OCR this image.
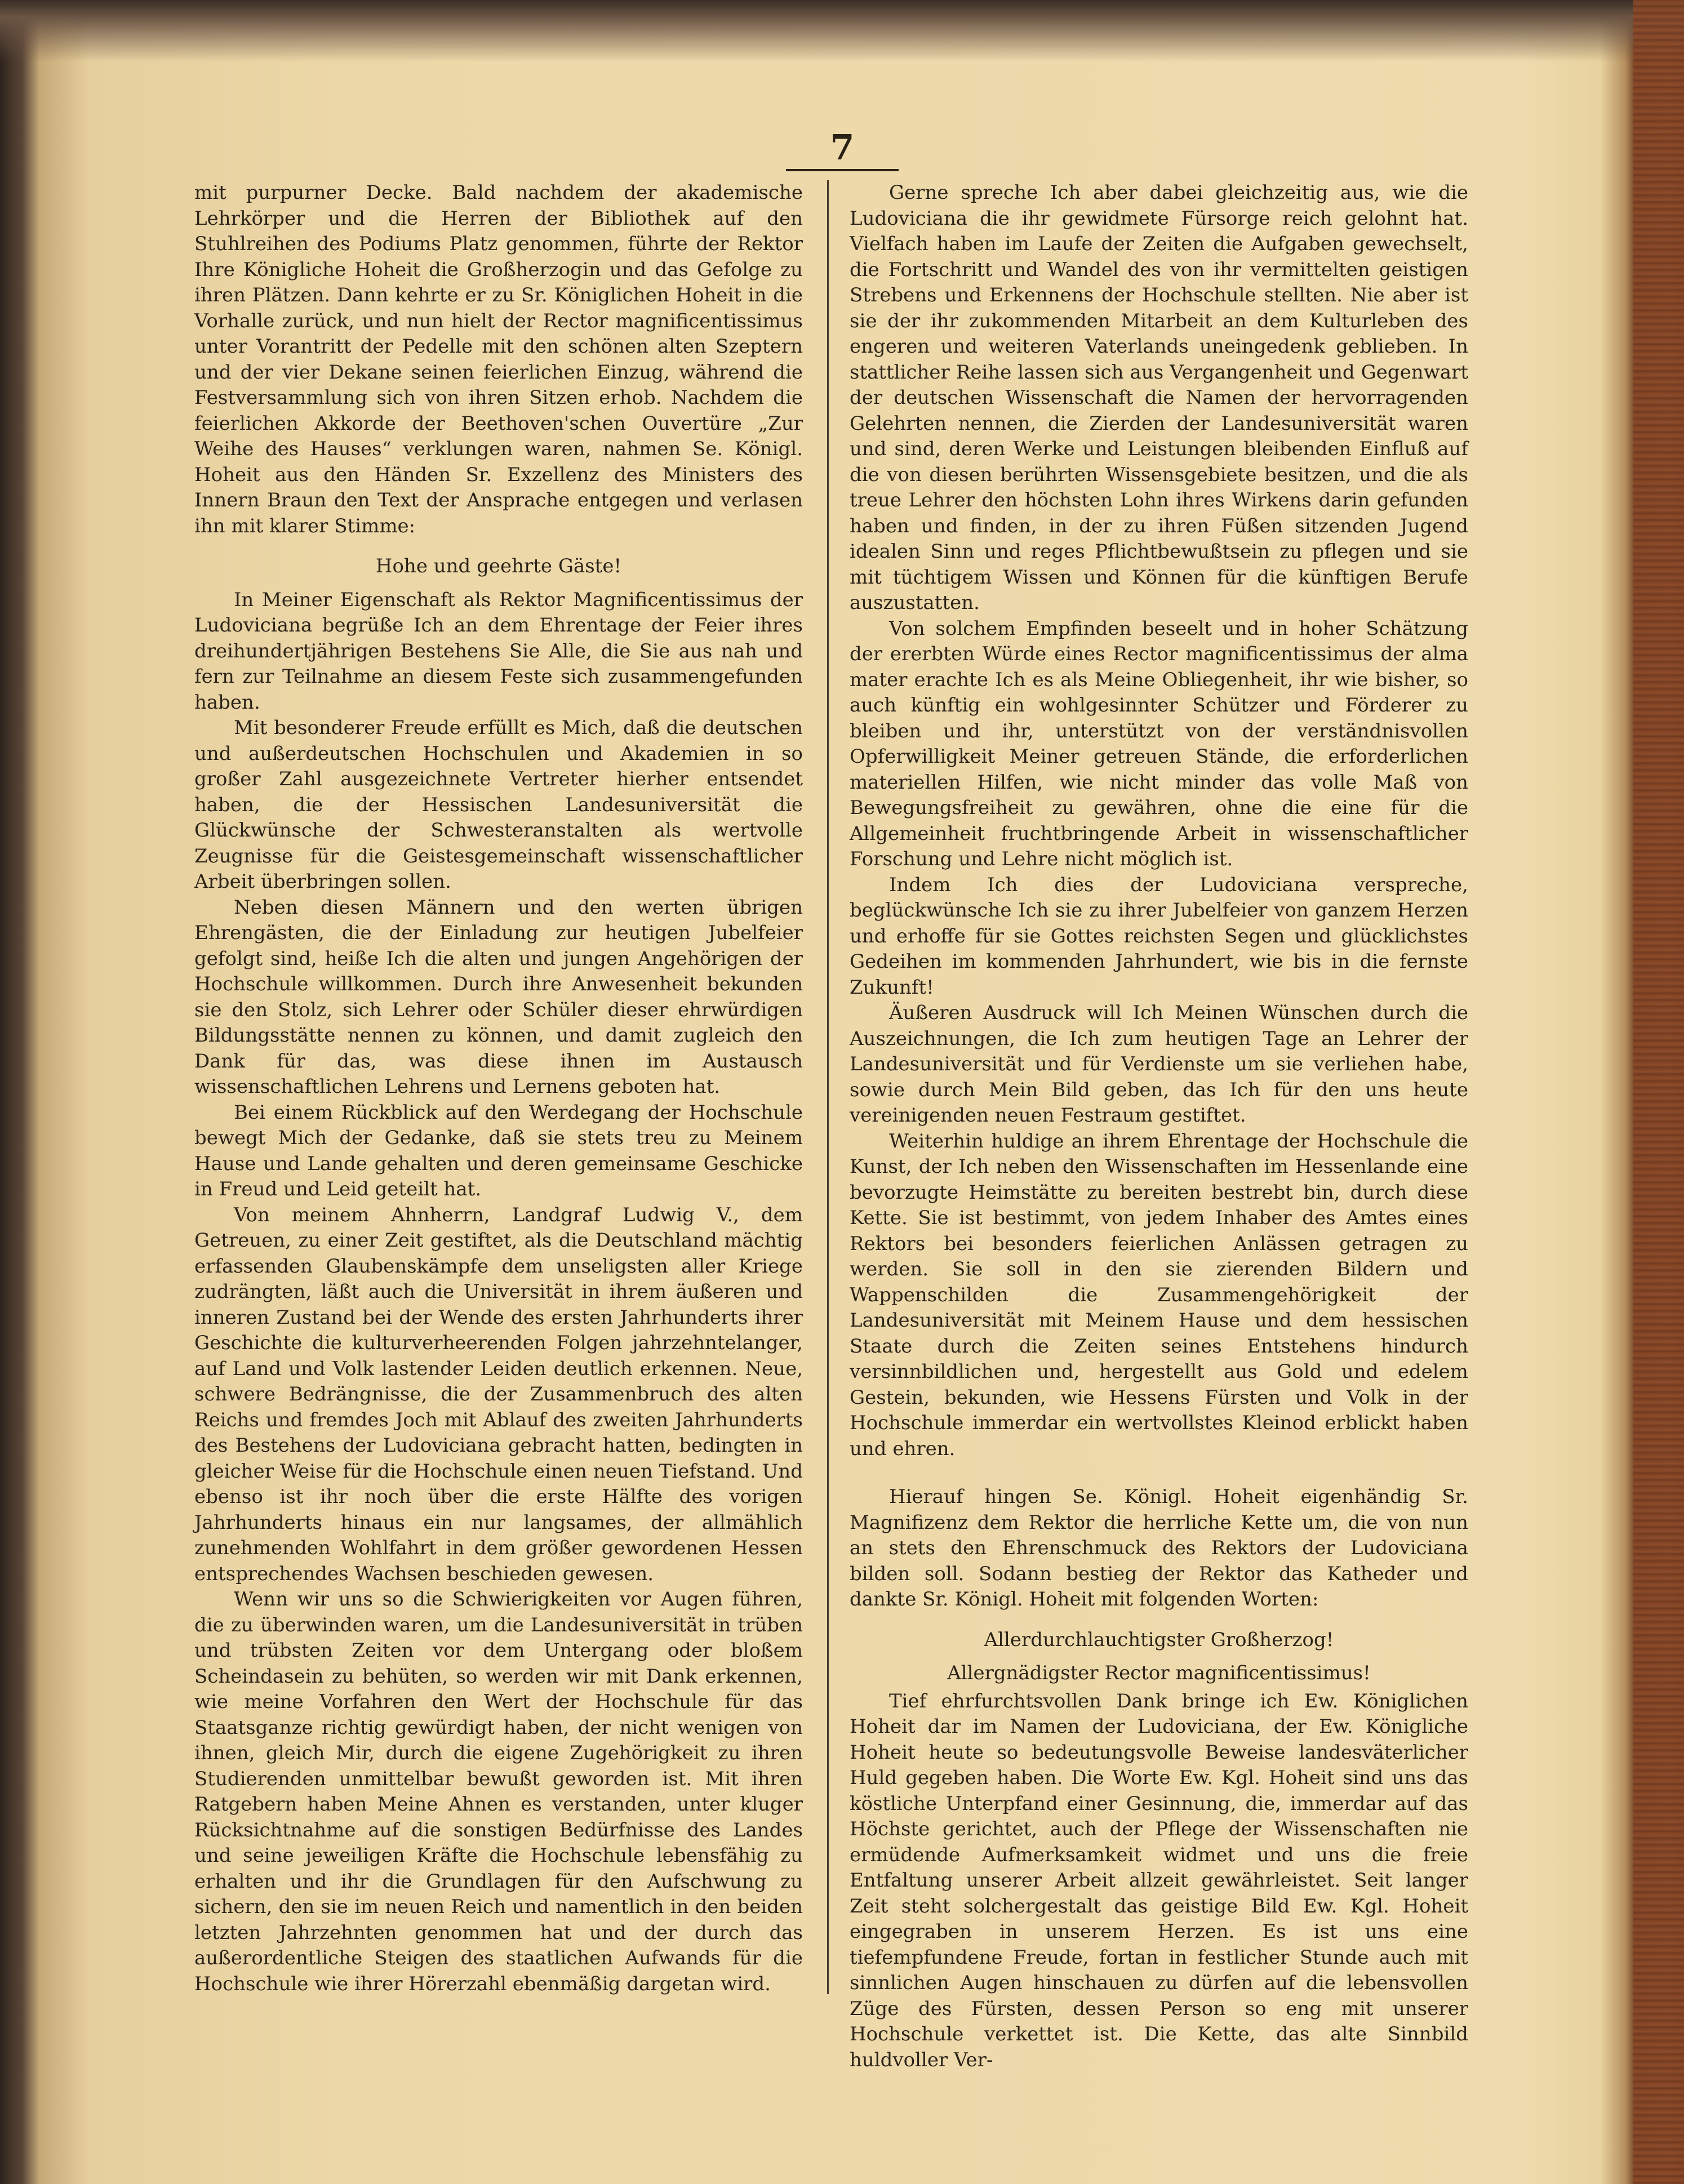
7

mit purpurner Decke. Bald nachdem der akademische Lehrkörper und die Herren der Bibliothek auf den Stuhlreihen des Podiums Platz genommen, führte der Rektor Ihre Königliche Hoheit die Großherzogin und das Gefolge zu ihren Plätzen. Dann kehrte er zu Sr. Königlichen Hoheit in die Vorhalle zurück, und nun hielt der Rector magnificentissimus unter Vorantritt der Pedelle mit den schönen alten Szeptern und der vier Dekane seinen feierlichen Einzug, während die Festversammlung sich von ihren Sitzen erhob. Nachdem die feierlichen Akkorde der Beethoven'schen Ouvertüre „Zur Weihe des Hauses“ verklungen waren, nahmen Se. Königl. Hoheit aus den Händen Sr. Exzellenz des Ministers des Innern Braun den Text der Ansprache entgegen und verlasen ihn mit klarer Stimme:

Hohe und geehrte Gäste!

In Meiner Eigenschaft als Rektor Magnificentissimus der Ludoviciana begrüße Ich an dem Ehrentage der Feier ihres dreihundertjährigen Bestehens Sie Alle, die Sie aus nah und fern zur Teilnahme an diesem Feste sich zusammengefunden haben.

Mit besonderer Freude erfüllt es Mich, daß die deutschen und außerdeutschen Hochschulen und Akademien in so großer Zahl ausgezeichnete Vertreter hierher entsendet haben, die der Hessischen Landesuniversität die Glückwünsche der Schwesteranstalten als wertvolle Zeugnisse für die Geistesgemeinschaft wissenschaftlicher Arbeit überbringen sollen.

Neben diesen Männern und den werten übrigen Ehrengästen, die der Einladung zur heutigen Jubelfeier gefolgt sind, heiße Ich die alten und jungen Angehörigen der Hochschule willkommen. Durch ihre Anwesenheit bekunden sie den Stolz, sich Lehrer oder Schüler dieser ehrwürdigen Bildungsstätte nennen zu können, und damit zugleich den Dank für das, was diese ihnen im Austausch wissenschaftlichen Lehrens und Lernens geboten hat.

Bei einem Rückblick auf den Werdegang der Hochschule bewegt Mich der Gedanke, daß sie stets treu zu Meinem Hause und Lande gehalten und deren gemeinsame Geschicke in Freud und Leid geteilt hat.

Von meinem Ahnherrn, Landgraf Ludwig V., dem Getreuen, zu einer Zeit gestiftet, als die Deutschland mächtig erfassenden Glaubenskämpfe dem unseligsten aller Kriege zudrängten, läßt auch die Universität in ihrem äußeren und inneren Zustand bei der Wende des ersten Jahrhunderts ihrer Geschichte die kulturverheerenden Folgen jahrzehntelanger, auf Land und Volk lastender Leiden deutlich erkennen. Neue, schwere Bedrängnisse, die der Zusammenbruch des alten Reichs und fremdes Joch mit Ablauf des zweiten Jahrhunderts des Bestehens der Ludoviciana gebracht hatten, bedingten in gleicher Weise für die Hochschule einen neuen Tiefstand. Und ebenso ist ihr noch über die erste Hälfte des vorigen Jahrhunderts hinaus ein nur langsames, der allmählich zunehmenden Wohlfahrt in dem größer gewordenen Hessen entsprechendes Wachsen beschieden gewesen.

Wenn wir uns so die Schwierigkeiten vor Augen führen, die zu überwinden waren, um die Landesuniversität in trüben und trübsten Zeiten vor dem Untergang oder bloßem Scheindasein zu behüten, so werden wir mit Dank erkennen, wie meine Vorfahren den Wert der Hochschule für das Staatsganze richtig gewürdigt haben, der nicht wenigen von ihnen, gleich Mir, durch die eigene Zugehörigkeit zu ihren Studierenden unmittelbar bewußt geworden ist. Mit ihren Ratgebern haben Meine Ahnen es verstanden, unter kluger Rücksichtnahme auf die sonstigen Bedürfnisse des Landes und seine jeweiligen Kräfte die Hochschule lebensfähig zu erhalten und ihr die Grundlagen für den Aufschwung zu sichern, den sie im neuen Reich und namentlich in den beiden letzten Jahrzehnten genommen hat und der durch das außerordentliche Steigen des staatlichen Aufwands für die Hochschule wie ihrer Hörerzahl ebenmäßig dargetan wird.

Gerne spreche Ich aber dabei gleichzeitig aus, wie die Ludoviciana die ihr gewidmete Fürsorge reich gelohnt hat. Vielfach haben im Laufe der Zeiten die Aufgaben gewechselt, die Fortschritt und Wandel des von ihr vermittelten geistigen Strebens und Erkennens der Hochschule stellten. Nie aber ist sie der ihr zukommenden Mitarbeit an dem Kulturleben des engeren und weiteren Vaterlands uneingedenk geblieben. In stattlicher Reihe lassen sich aus Vergangenheit und Gegenwart der deutschen Wissenschaft die Namen der hervorragenden Gelehrten nennen, die Zierden der Landesuniversität waren und sind, deren Werke und Leistungen bleibenden Einfluß auf die von diesen berührten Wissensgebiete besitzen, und die als treue Lehrer den höchsten Lohn ihres Wirkens darin gefunden haben und finden, in der zu ihren Füßen sitzenden Jugend idealen Sinn und reges Pflichtbewußtsein zu pflegen und sie mit tüchtigem Wissen und Können für die künftigen Berufe auszustatten.

Von solchem Empfinden beseelt und in hoher Schätzung der ererbten Würde eines Rector magnificentissimus der alma mater erachte Ich es als Meine Obliegenheit, ihr wie bisher, so auch künftig ein wohlgesinnter Schützer und Förderer zu bleiben und ihr, unterstützt von der verständnisvollen Opferwilligkeit Meiner getreuen Stände, die erforderlichen materiellen Hilfen, wie nicht minder das volle Maß von Bewegungsfreiheit zu gewähren, ohne die eine für die Allgemeinheit fruchtbringende Arbeit in wissenschaftlicher Forschung und Lehre nicht möglich ist.

Indem Ich dies der Ludoviciana verspreche, beglückwünsche Ich sie zu ihrer Jubelfeier von ganzem Herzen und erhoffe für sie Gottes reichsten Segen und glücklichstes Gedeihen im kommenden Jahrhundert, wie bis in die fernste Zukunft!

Äußeren Ausdruck will Ich Meinen Wünschen durch die Auszeichnungen, die Ich zum heutigen Tage an Lehrer der Landesuniversität und für Verdienste um sie verliehen habe, sowie durch Mein Bild geben, das Ich für den uns heute vereinigenden neuen Festraum gestiftet.

Weiterhin huldige an ihrem Ehrentage der Hochschule die Kunst, der Ich neben den Wissenschaften im Hessenlande eine bevorzugte Heimstätte zu bereiten bestrebt bin, durch diese Kette. Sie ist bestimmt, von jedem Inhaber des Amtes eines Rektors bei besonders feierlichen Anlässen getragen zu werden. Sie soll in den sie zierenden Bildern und Wappenschilden die Zusammengehörigkeit der Landesuniversität mit Meinem Hause und dem hessischen Staate durch die Zeiten seines Entstehens hindurch versinnbildlichen und, hergestellt aus Gold und edelem Gestein, bekunden, wie Hessens Fürsten und Volk in der Hochschule immerdar ein wertvollstes Kleinod erblickt haben und ehren.

Hierauf hingen Se. Königl. Hoheit eigenhändig Sr. Magnifizenz dem Rektor die herrliche Kette um, die von nun an stets den Ehrenschmuck des Rektors der Ludoviciana bilden soll. Sodann bestieg der Rektor das Katheder und dankte Sr. Königl. Hoheit mit folgenden Worten:

Allerdurchlauchtigster Großherzog!

Allergnädigster Rector magnificentissimus!

Tief ehrfurchtsvollen Dank bringe ich Ew. Königlichen Hoheit dar im Namen der Ludoviciana, der Ew. Königliche Hoheit heute so bedeutungsvolle Beweise landesväterlicher Huld gegeben haben. Die Worte Ew. Kgl. Hoheit sind uns das köstliche Unterpfand einer Gesinnung, die, immerdar auf das Höchste gerichtet, auch der Pflege der Wissenschaften nie ermüdende Aufmerksamkeit widmet und uns die freie Entfaltung unserer Arbeit allzeit gewährleistet. Seit langer Zeit steht solchergestalt das geistige Bild Ew. Kgl. Hoheit eingegraben in unserem Herzen. Es ist uns eine tiefempfundene Freude, fortan in festlicher Stunde auch mit sinnlichen Augen hinschauen zu dürfen auf die lebensvollen Züge des Fürsten, dessen Person so eng mit unserer Hochschule verkettet ist. Die Kette, das alte Sinnbild huldvoller Ver-
